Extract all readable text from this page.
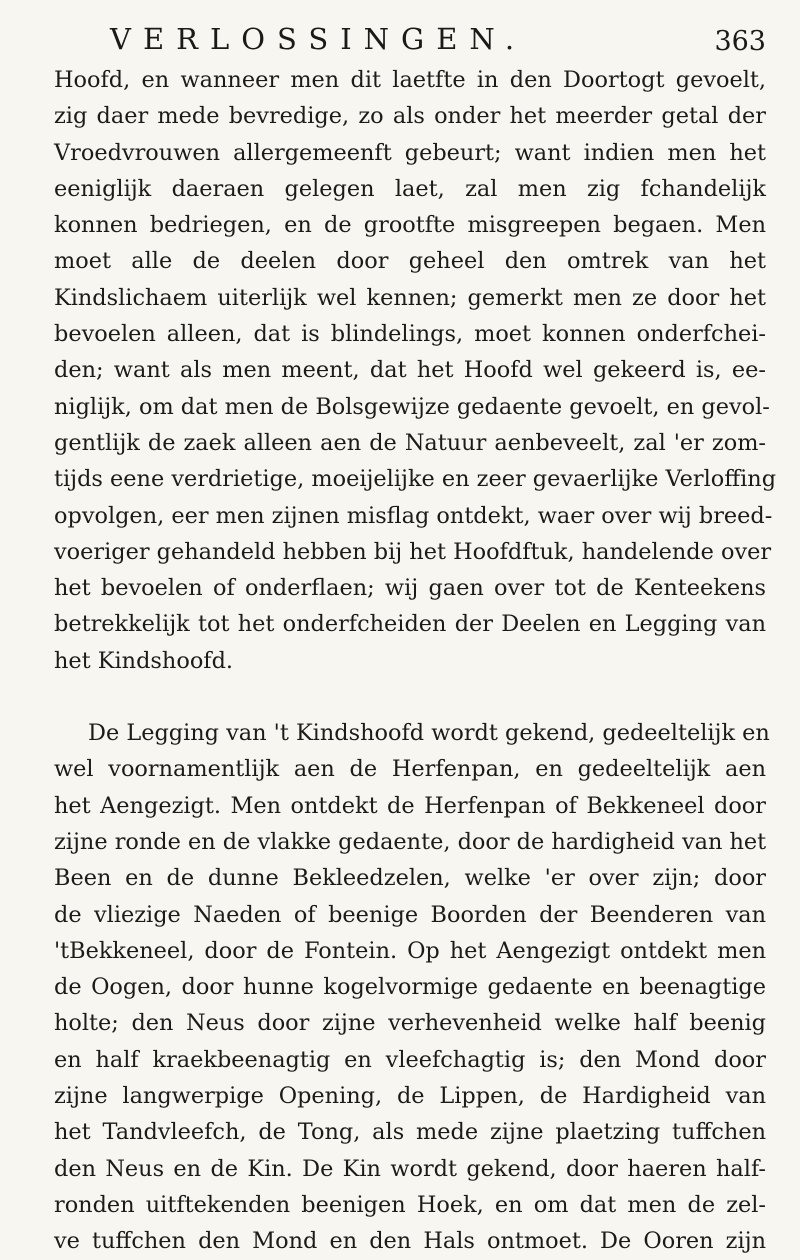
VERLOSSINGEN.	363
Hoofd, en wanneer men dit laetfte in den Doortogt gevoelt,
zig daer mede bevredige, zo als onder het meerder getal der
Vroedvrouwen allergemeenft gebeurt; want indien men het
eeniglijk daeraen gelegen laet, zal men zig fchandelijk
konnen bedriegen, en de grootfte misgreepen begaen. Men
moet alle de deelen door geheel den omtrek van het
Kindslichaem uiterlijk wel kennen; gemerkt men ze door het
bevoelen alleen, dat is blindelings, moet konnen onderfchei-
den; want als men meent, dat het Hoofd wel gekeerd is, ee-
niglijk, om dat men de Bolsgewijze gedaente gevoelt, en gevol-
gentlijk de zaek alleen aen de Natuur aenbeveelt, zal 'er zom-
tijds eene verdrietige, moeijelijke en zeer gevaerlijke Verloffing
opvolgen, eer men zijnen misflag ontdekt, waer over wij breed-
voeriger gehandeld hebben bij het Hoofdftuk, handelende over
het bevoelen of onderflaen; wij gaen over tot de Kenteekens
betrekkelijk tot het onderfcheiden der Deelen en Legging van
het Kindshoofd.
De Legging van 't Kindshoofd wordt gekend, gedeeltelijk en
wel voornamentlijk aen de Herfenpan, en gedeeltelijk aen
het Aengezigt. Men ontdekt de Herfenpan of Bekkeneel door
zijne ronde en de vlakke gedaente, door de hardigheid van het
Been en de dunne Bekleedzelen, welke 'er over zijn; door
de vliezige Naeden of beenige Boorden der Beenderen van
'tBekkeneel, door de Fontein. Op het Aengezigt ontdekt men
de Oogen, door hunne kogelvormige gedaente en beenagtige
holte; den Neus door zijne verhevenheid welke half beenig
en half kraekbeenagtig en vleefchagtig is; den Mond door
zijne langwerpige Opening, de Lippen, de Hardigheid van
het Tandvleefch, de Tong, als mede zijne plaetzing tuffchen
den Neus en de Kin. De Kin wordt gekend, door haeren half-
ronden uitftekenden beenigen Hoek, en om dat men de zel-
ve tuffchen den Mond en den Hals ontmoet. De Ooren zijn
